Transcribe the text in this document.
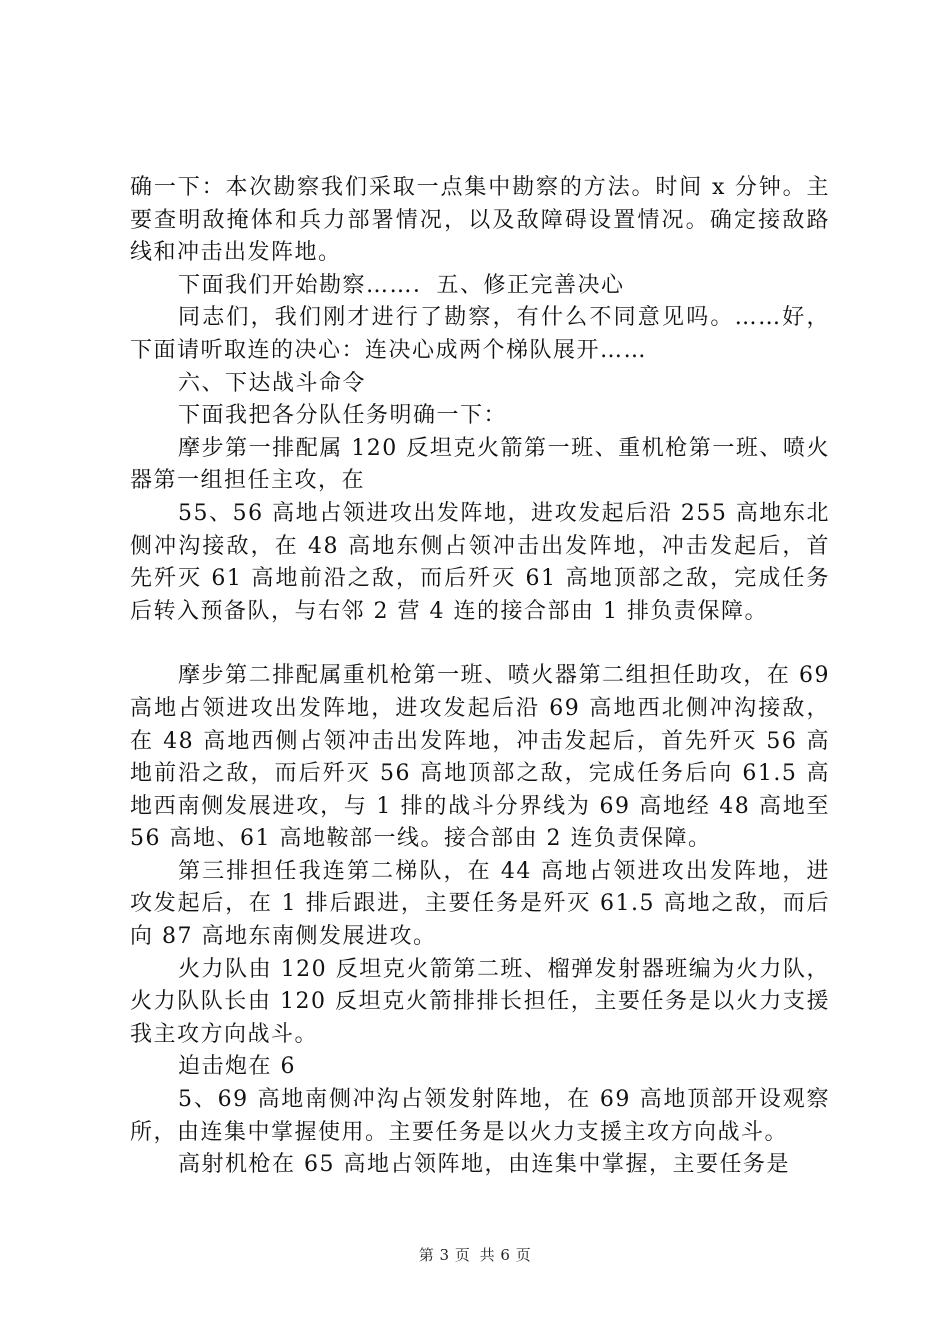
确一下：本次勘察我们采取一点集中勘察的方法。时间 x 分钟。主要查明敌掩体和兵力部署情况，以及敌障碍设置情况。确定接敌路线和冲击出发阵地。

下面我们开始勘察……．五、修正完善决心

同志们，我们刚才进行了勘察，有什么不同意见吗。……好，下面请听取连的决心：连决心成两个梯队展开……

六、下达战斗命令

下面我把各分队任务明确一下：

摩步第一排配属 120 反坦克火箭第一班、重机枪第一班、喷火器第一组担任主攻，在

55、56 高地占领进攻出发阵地，进攻发起后沿 255 高地东北侧冲沟接敌，在 48 高地东侧占领冲击出发阵地，冲击发起后，首先歼灭 61 高地前沿之敌，而后歼灭 61 高地顶部之敌，完成任务后转入预备队，与右邻 2 营 4 连的接合部由 1 排负责保障。

摩步第二排配属重机枪第一班、喷火器第二组担任助攻，在 69 高地占领进攻出发阵地，进攻发起后沿 69 高地西北侧冲沟接敌，在 48 高地西侧占领冲击出发阵地，冲击发起后，首先歼灭 56 高地前沿之敌，而后歼灭 56 高地顶部之敌，完成任务后向 61.5 高地西南侧发展进攻，与 1 排的战斗分界线为 69 高地经 48 高地至 56 高地、61 高地鞍部一线。接合部由 2 连负责保障。

第三排担任我连第二梯队，在 44 高地占领进攻出发阵地，进攻发起后，在 1 排后跟进，主要任务是歼灭 61.5 高地之敌，而后向 87 高地东南侧发展进攻。

火力队由 120 反坦克火箭第二班、榴弹发射器班编为火力队，火力队队长由 120 反坦克火箭排排长担任，主要任务是以火力支援我主攻方向战斗。

迫击炮在 6

5、69 高地南侧冲沟占领发射阵地，在 69 高地顶部开设观察所，由连集中掌握使用。主要任务是以火力支援主攻方向战斗。

高射机枪在 65 高地占领阵地，由连集中掌握，主要任务是

第 3 页 共 6 页
